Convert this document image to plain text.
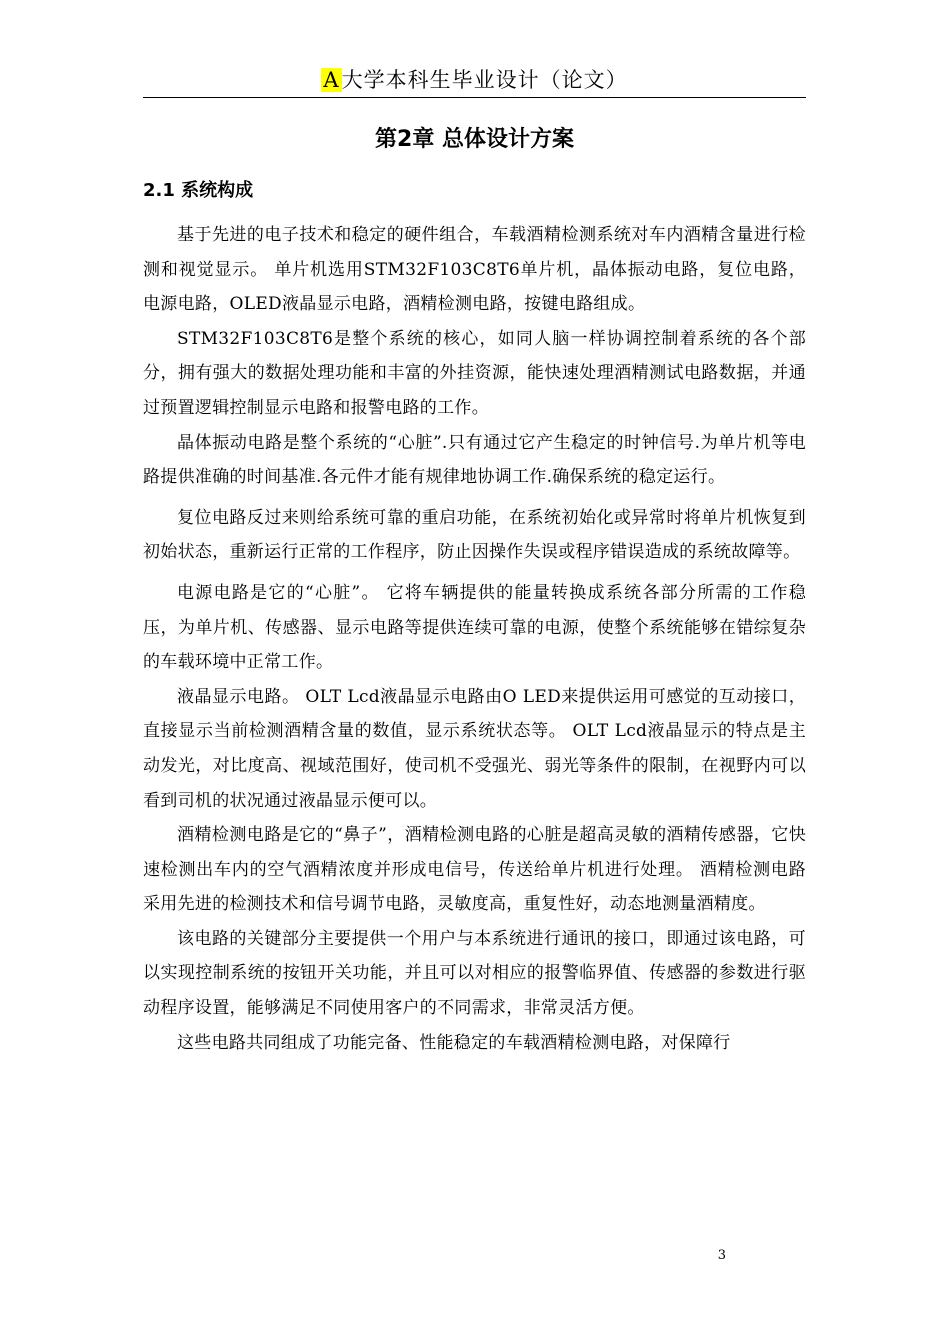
A大学本科生毕业设计（论文）
第2章 总体设计方案
2.1 系统构成

基于先进的电子技术和稳定的硬件组合，车载酒精检测系统对车内酒精含量进行检测和视觉显示。 单片机选用STM32F103C8T6单片机，晶体振动电路，复位电路，电源电路，OLED液晶显示电路，酒精检测电路，按键电路组成。

STM32F103C8T6是整个系统的核心，如同人脑一样协调控制着系统的各个部分，拥有强大的数据处理功能和丰富的外挂资源，能快速处理酒精测试电路数据，并通过预置逻辑控制显示电路和报警电路的工作。

晶体振动电路是整个系统的“心脏”.只有通过它产生稳定的时钟信号.为单片机等电路提供准确的时间基准.各元件才能有规律地协调工作.确保系统的稳定运行。

复位电路反过来则给系统可靠的重启功能，在系统初始化或异常时将单片机恢复到初始状态，重新运行正常的工作程序，防止因操作失误或程序错误造成的系统故障等。

电源电路是它的“心脏”。 它将车辆提供的能量转换成系统各部分所需的工作稳压，为单片机、传感器、显示电路等提供连续可靠的电源，使整个系统能够在错综复杂的车载环境中正常工作。

液晶显示电路。 OLT Lcd液晶显示电路由O LED来提供运用可感觉的互动接口，直接显示当前检测酒精含量的数值，显示系统状态等。 OLT Lcd液晶显示的特点是主动发光，对比度高、视域范围好，使司机不受强光、弱光等条件的限制，在视野内可以看到司机的状况通过液晶显示便可以。

酒精检测电路是它的“鼻子”，酒精检测电路的心脏是超高灵敏的酒精传感器，它快速检测出车内的空气酒精浓度并形成电信号，传送给单片机进行处理。 酒精检测电路采用先进的检测技术和信号调节电路，灵敏度高，重复性好，动态地测量酒精度。

该电路的关键部分主要提供一个用户与本系统进行通讯的接口，即通过该电路，可以实现控制系统的按钮开关功能，并且可以对相应的报警临界值、传感器的参数进行驱动程序设置，能够满足不同使用客户的不同需求，非常灵活方便。

这些电路共同组成了功能完备、性能稳定的车载酒精检测电路，对保障行

3
